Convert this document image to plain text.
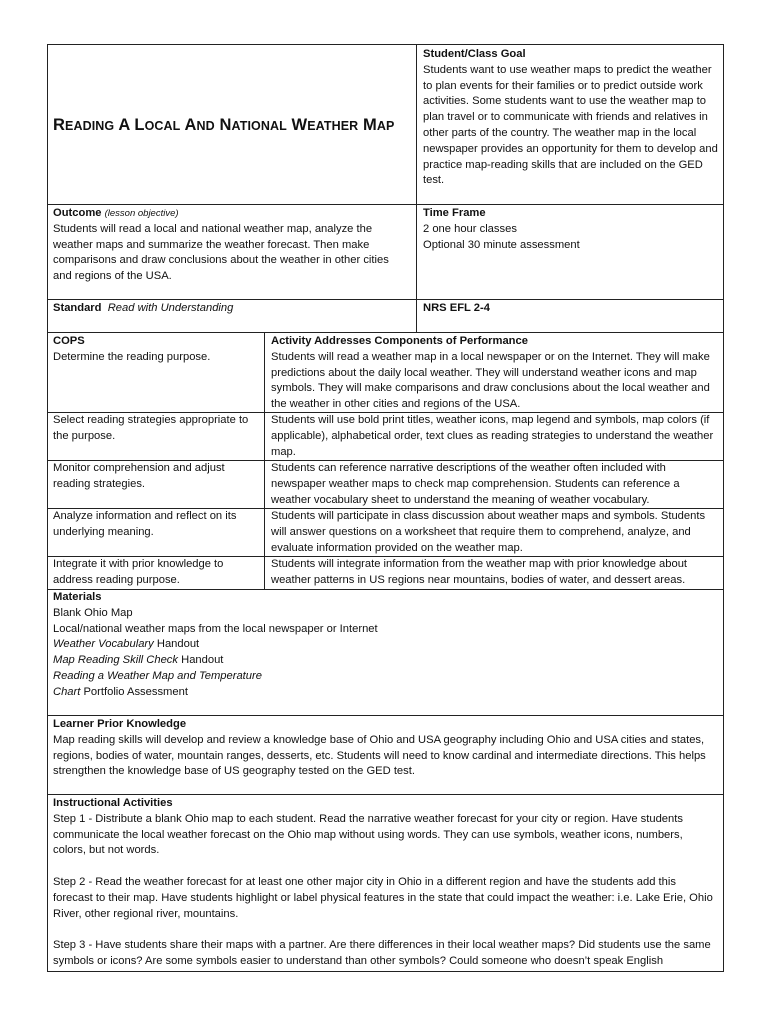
READING A LOCAL AND NATIONAL WEATHER MAP
Student/Class Goal
Students want to use weather maps to predict the weather to plan events for their families or to predict outside work activities. Some students want to use the weather map to plan travel or to communicate with friends and relatives in other parts of the country. The weather map in the local newspaper provides an opportunity for them to develop and practice map-reading skills that are included on the GED test.
Outcome (lesson objective)
Students will read a local and national weather map, analyze the weather maps and summarize the weather forecast. Then make comparisons and draw conclusions about the weather in other cities and regions of the USA.
Time Frame
2 one hour classes
Optional 30 minute assessment
Standard Read with Understanding	NRS EFL 2-4
COPS
Determine the reading purpose.
Activity Addresses Components of Performance
Students will read a weather map in a local newspaper or on the Internet. They will make predictions about the daily local weather. They will understand weather icons and map symbols. They will make comparisons and draw conclusions about the local weather and the weather in other cities and regions of the USA.
Select reading strategies appropriate to the purpose.
Students will use bold print titles, weather icons, map legend and symbols, map colors (if applicable), alphabetical order, text clues as reading strategies to understand the weather map.
Monitor comprehension and adjust reading strategies.
Students can reference narrative descriptions of the weather often included with newspaper weather maps to check map comprehension. Students can reference a weather vocabulary sheet to understand the meaning of weather vocabulary.
Analyze information and reflect on its underlying meaning.
Students will participate in class discussion about weather maps and symbols. Students will answer questions on a worksheet that require them to comprehend, analyze, and evaluate information provided on the weather map.
Integrate it with prior knowledge to address reading purpose.
Students will integrate information from the weather map with prior knowledge about weather patterns in US regions near mountains, bodies of water, and dessert areas.
Materials
Blank Ohio Map
Local/national weather maps from the local newspaper or Internet
Weather Vocabulary Handout
Map Reading Skill Check Handout
Reading a Weather Map and Temperature
Chart Portfolio Assessment
Learner Prior Knowledge
Map reading skills will develop and review a knowledge base of Ohio and USA geography including Ohio and USA cities and states, regions, bodies of water, mountain ranges, desserts, etc. Students will need to know cardinal and intermediate directions. This helps strengthen the knowledge base of US geography tested on the GED test.
Instructional Activities
Step 1 - Distribute a blank Ohio map to each student. Read the narrative weather forecast for your city or region. Have students communicate the local weather forecast on the Ohio map without using words. They can use symbols, weather icons, numbers, colors, but not words.
Step 2 - Read the weather forecast for at least one other major city in Ohio in a different region and have the students add this forecast to their map. Have students highlight or label physical features in the state that could impact the weather: i.e. Lake Erie, Ohio River, other regional river, mountains.
Step 3 - Have students share their maps with a partner. Are there differences in their local weather maps? Did students use the same symbols or icons? Are some symbols easier to understand than other symbols? Could someone who doesn’t speak English
